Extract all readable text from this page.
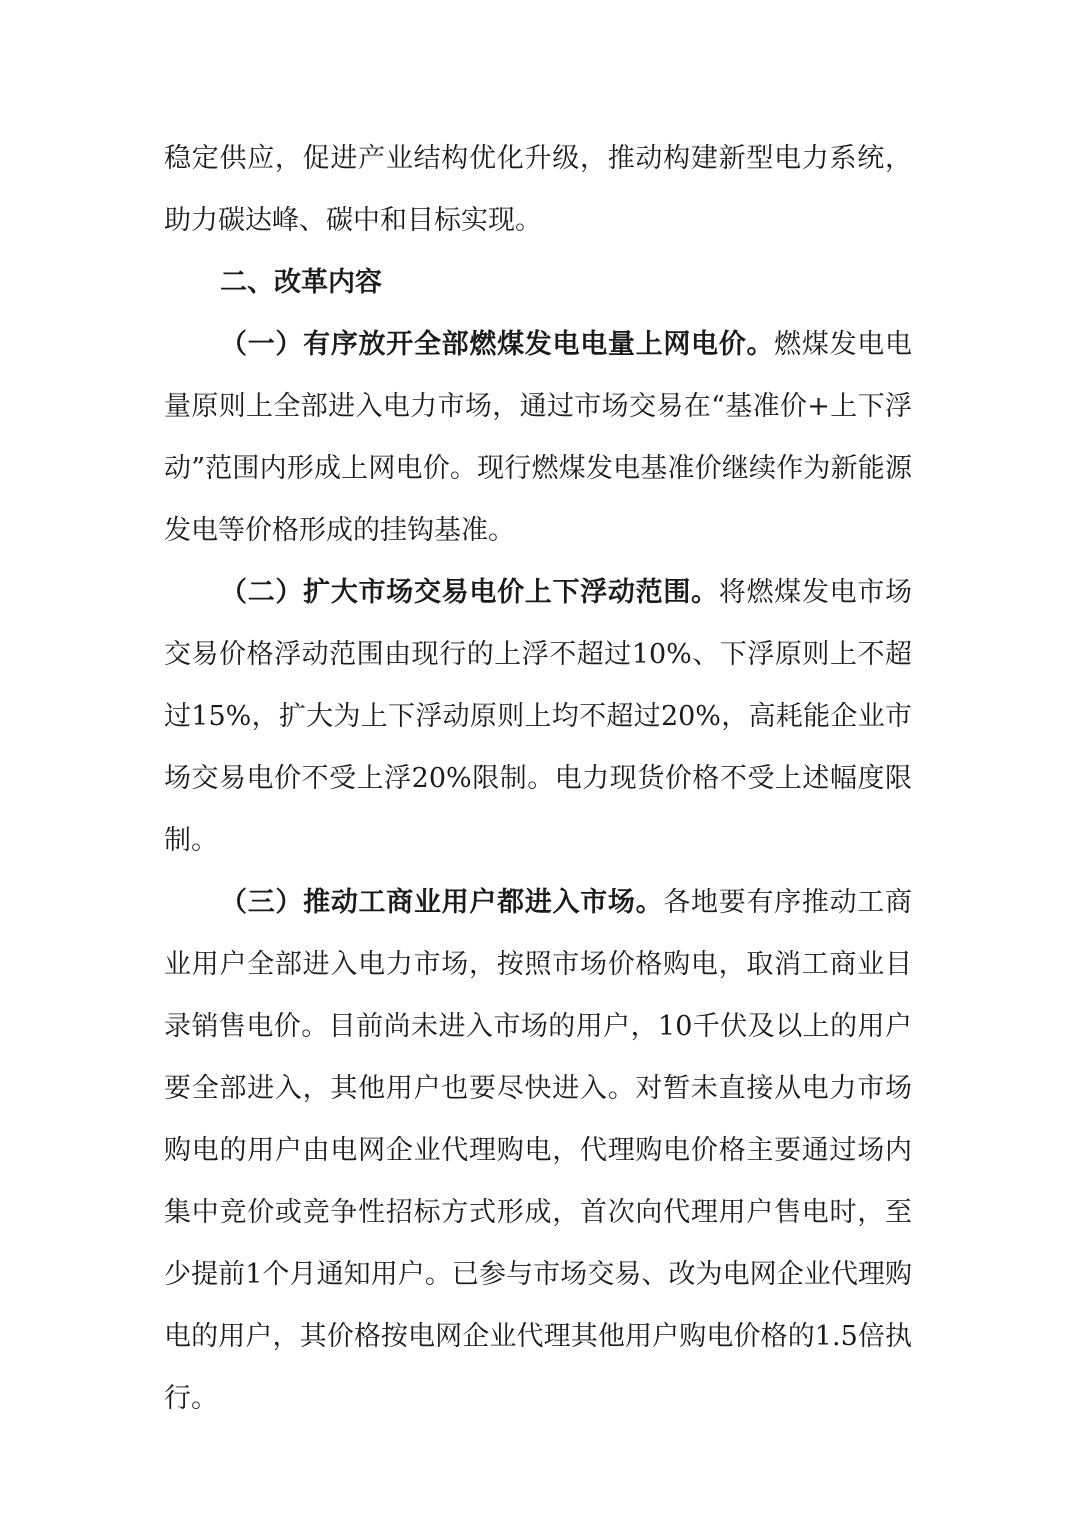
稳定供应，促进产业结构优化升级，推动构建新型电力系统，助力碳达峰、碳中和目标实现。

二、改革内容

（一）有序放开全部燃煤发电电量上网电价。燃煤发电电量原则上全部进入电力市场，通过市场交易在“基准价+上下浮动”范围内形成上网电价。现行燃煤发电基准价继续作为新能源发电等价格形成的挂钩基准。

（二）扩大市场交易电价上下浮动范围。将燃煤发电市场交易价格浮动范围由现行的上浮不超过10%、下浮原则上不超过15%，扩大为上下浮动原则上均不超过20%，高耗能企业市场交易电价不受上浮20%限制。电力现货价格不受上述幅度限制。

（三）推动工商业用户都进入市场。各地要有序推动工商业用户全部进入电力市场，按照市场价格购电，取消工商业目录销售电价。目前尚未进入市场的用户，10千伏及以上的用户要全部进入，其他用户也要尽快进入。对暂未直接从电力市场购电的用户由电网企业代理购电，代理购电价格主要通过场内集中竞价或竞争性招标方式形成，首次向代理用户售电时，至少提前1个月通知用户。已参与市场交易、改为电网企业代理购电的用户，其价格按电网企业代理其他用户购电价格的1.5倍执行。
